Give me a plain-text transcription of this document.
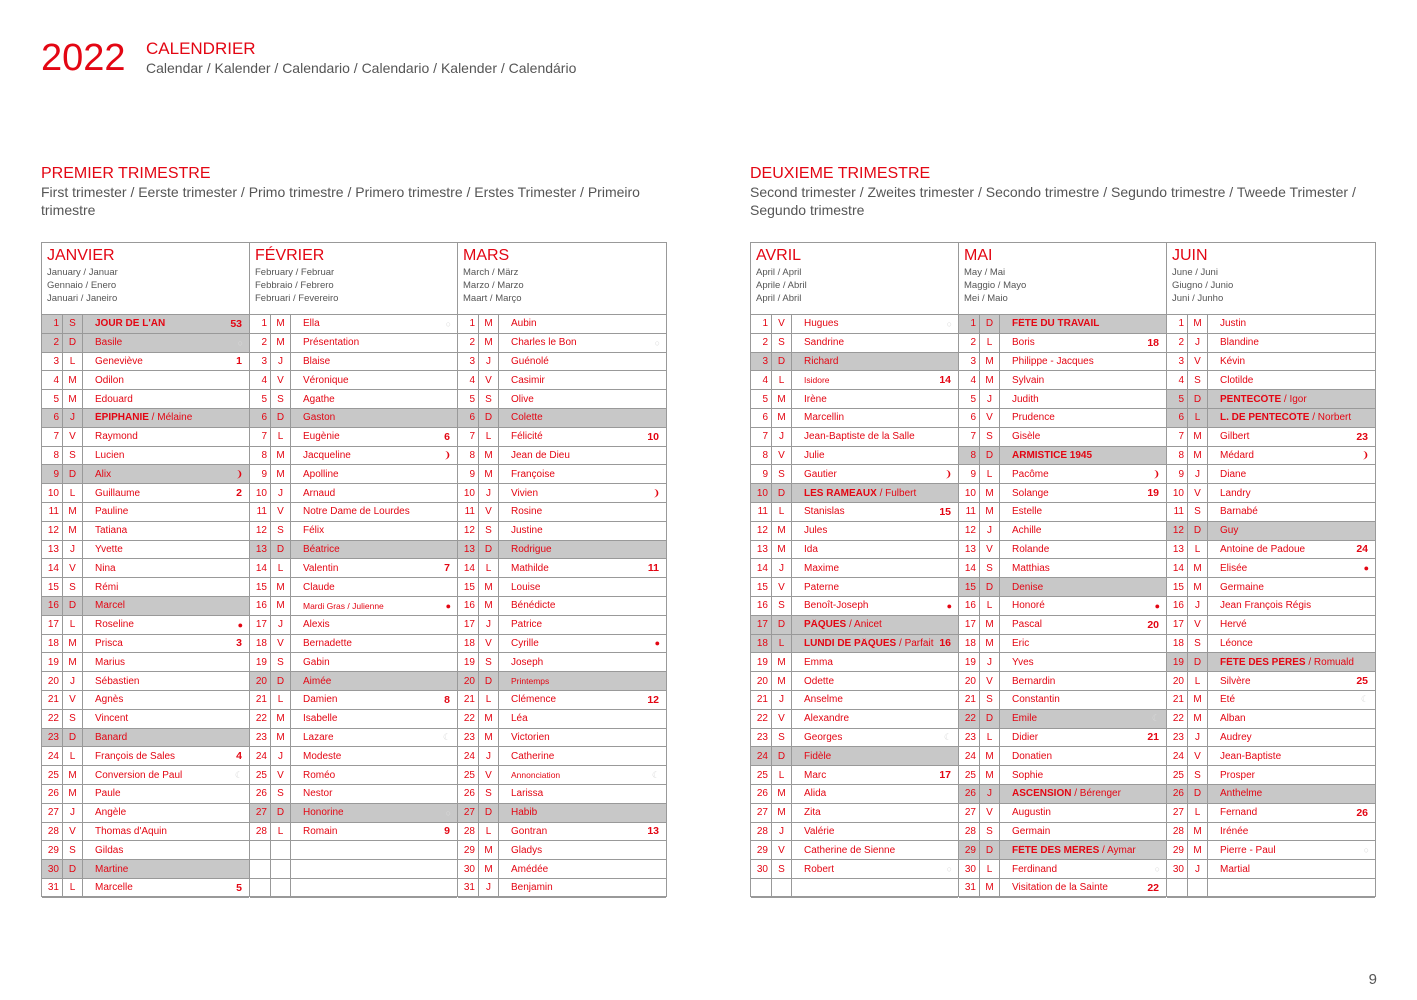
2022 CALENDRIER
Calendar / Kalender / Calendario / Calendario / Kalender / Calendário
PREMIER TRIMESTRE
First trimester / Eerste trimester / Primo trimestre / Primero trimestre / Erstes Trimester / Primeiro trimestre
JANVIER
January / Januar
Gennaio / Enero
Januari / Janeiro
1	S	JOUR DE L'AN	53
2 D	Basile	○
3	L	Geneviève	1
4 M	Odilon
5 M	Edouard
6	J	ÉPIPHANIE / Mélaine
7	V	Raymond
8	S	Lucien
9 D	Alix	❩
10	L	Guillaume	2
11 M	Pauline
12 M	Tatiana
13	J	Yvette
14	V	Nina
15	S	Rémi
16 D	Marcel
17	L	Roseline	●
18 M	Prisca	3
19 M	Marius
20	J	Sébastien
21	V	Agnès
22	S	Vincent
23 D	Banard
24	L	François de Sales	4
25 M	Conversion de Paul	☾
26 M	Paule
27	J	Angèle
28	V	Thomas d'Aquin
29	S	Gildas
30 D	Martine
31	L	Marcelle	5
FÉVRIER
February / Februar
Febbraio / Febrero
Februari / Fevereiro
1 M	Ella	○
2 M	Présentation
3	J	Blaise
4	V	Véronique
5	S	Agathe
6 D	Gaston
7	L	Eugènie	6
8 M	Jacqueline	❩
9 M	Apolline
10	J	Arnaud
11	V	Notre Dame de Lourdes
12	S	Félix
13 D	Béatrice
14	L	Valentin	7
15 M	Claude
16 M	Mardi Gras / Julienne	●
17	J	Alexis
18	V	Bernadette
19	S	Gabin
20 D	Aimée
21	L	Damien	8
22 M	Isabelle
23 M	Lazare	☾
24	J	Modeste
25	V	Roméo
26	S	Nestor
27 D	Honorine	○
28	L	Romain	9
MARS
March / März
Marzo / Marzo
Maart / Março
1 M	Aubin
2 M	Charles le Bon	○
3	J	Guénolé
4	V	Casimir
5	S	Olive
6 D	Colette
7	L	Félicité	10
8 M	Jean de Dieu
9 M	Françoise
10	J	Vivien	❩
11	V	Rosine
12	S	Justine
13 D	Rodrigue
14	L	Mathilde	11
15 M	Louise
16 M	Bénédicte
17	J	Patrice
18	V	Cyrille	●
19	S	Joseph
20 D	Printemps
21	L	Clémence	12
22 M	Léa
23 M	Victorien
24	J	Catherine
25	V	Annonciation	☾
26	S	Larissa
27 D	Habib
28	L	Gontran	13
29 M	Gladys
30 M	Amédée
31	J	Benjamin
DEUXIEME TRIMESTRE
Second trimester / Zweites trimester / Secondo trimestre / Segundo trimestre / Tweede Trimester / Segundo trimestre
AVRIL
April / April
Aprile / Abril
April / Abril
1	V	Hugues	○
2	S	Sandrine
3 D	Richard
4	L	Isidore	14
5 M	Irène
6 M	Marcellin
7	J	Jean-Baptiste de la Salle
8	V	Julie
9	S	Gautier	❩
10 D	LES RAMEAUX / Fulbert
11	L	Stanislas	15
12 M	Jules
13 M	Ida
14	J	Maxime
15	V	Paterne
16	S	Benoît-Joseph	●
17 D	PÂQUES / Anicet
18	L	LUNDI DE PÂQUES / Parfait 16
19 M	Emma
20 M	Odette
21	J	Anselme
22	V	Alexandre
23	S	Georges	☾
24 D	Fidèle
25	L	Marc	17
26 M	Alida
27 M	Zita
28	J	Valérie
29	V	Catherine de Sienne
30	S	Robert	○
MAI
May / Mai
Maggio / Mayo
Mei / Maio
1 D	FÊTE DU TRAVAIL
2	L	Boris	18
3 M	Philippe - Jacques
4 M	Sylvain
5	J	Judith
6	V	Prudence
7	S	Gisèle
8 D	ARMISTICE 1945
9	L	Pacôme	❩
10 M	Solange	19
11 M	Estelle
12	J	Achille
13	V	Rolande
14	S	Matthias
15 D	Denise
16	L	Honoré	●
17 M	Pascal	20
18 M	Eric
19	J	Yves
20	V	Bernardin
21	S	Constantin
22 D	Emile	☾
23	L	Didier	21
24 M	Donatien
25 M	Sophie
26	J	ASCENSION / Bérenger
27	V	Augustin
28	S	Germain
29 D	FÊTE DES MÈRES / Aymar
30	L	Ferdinand	○
31 M	Visitation de la Sainte	22
JUIN
June / Juni
Giugno / Junio
Juni / Junho
1 M	Justin
2	J	Blandine
3	V	Kévin
4	S	Clotilde
5 D	PENTECÔTE / Igor
6	L	L. DE PENTECÔTE / Norbert
7 M	Gilbert	23
8 M	Médard	❩
9	J	Diane
10	V	Landry
11	S	Barnabé
12 D	Guy
13	L	Antoine de Padoue	24
14 M	Elisée	●
15 M	Germaine
16	J	Jean François Régis
17	V	Hervé
18	S	Léonce
19 D	FÊTE DES PÈRES / Romuald
20	L	Silvère	25
21 M	Été	☾
22 M	Alban
23	J	Audrey
24	V	Jean-Baptiste
25	S	Prosper
26 D	Anthelme
27	L	Fernand	26
28 M	Irénée
29 M	Pierre - Paul	○
30	J	Martial
9
